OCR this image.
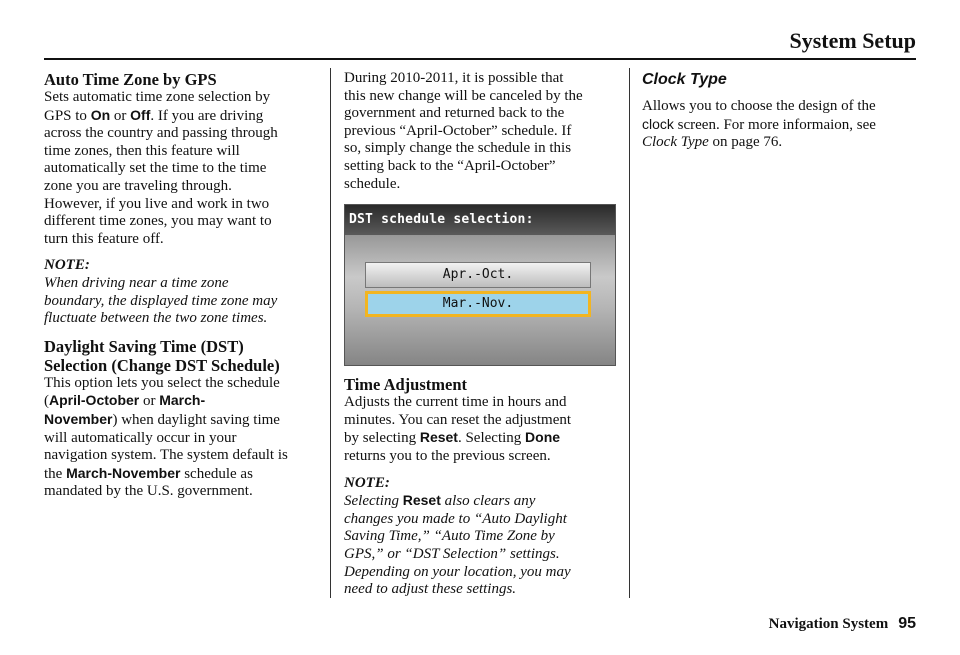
System Setup
Auto Time Zone by GPS

Sets automatic time zone selection by
GPS to On or Off. If you are driving
across the country and passing through
time zones, then this feature will
automatically set the time to the time
zone you are traveling through.
However, if you live and work in two
different time zones, you may want to
turn this feature off.

NOTE:

When driving near a time zone
boundary, the displayed time zone may
fluctuate between the two zone times.

Daylight Saving Time (DST)
Selection (Change DST Schedule)

This option lets you select the schedule
(April-October or March-
November) when daylight saving time
will automatically occur in your
navigation system. The system default is
the March-November schedule as
mandated by the U.S. government.

During 2010-2011, it is possible that
this new change will be canceled by the
government and returned back to the
previous “April-October” schedule. If
so, simply change the schedule in this
setting back to the “April-October”
schedule.

DST schedule selection:
Apr.-Oct.
Mar.-Nov.
Time Adjustment

Adjusts the current time in hours and
minutes. You can reset the adjustment
by selecting Reset. Selecting Done
returns you to the previous screen.

NOTE:

Selecting Reset also clears any
changes you made to “Auto Daylight
Saving Time,” “Auto Time Zone by
GPS,” or “DST Selection” settings.
Depending on your location, you may
need to adjust these settings.

Clock Type

Allows you to choose the design of the
clock screen. For more informaion, see
Clock Type on page 76.

Navigation System 95
